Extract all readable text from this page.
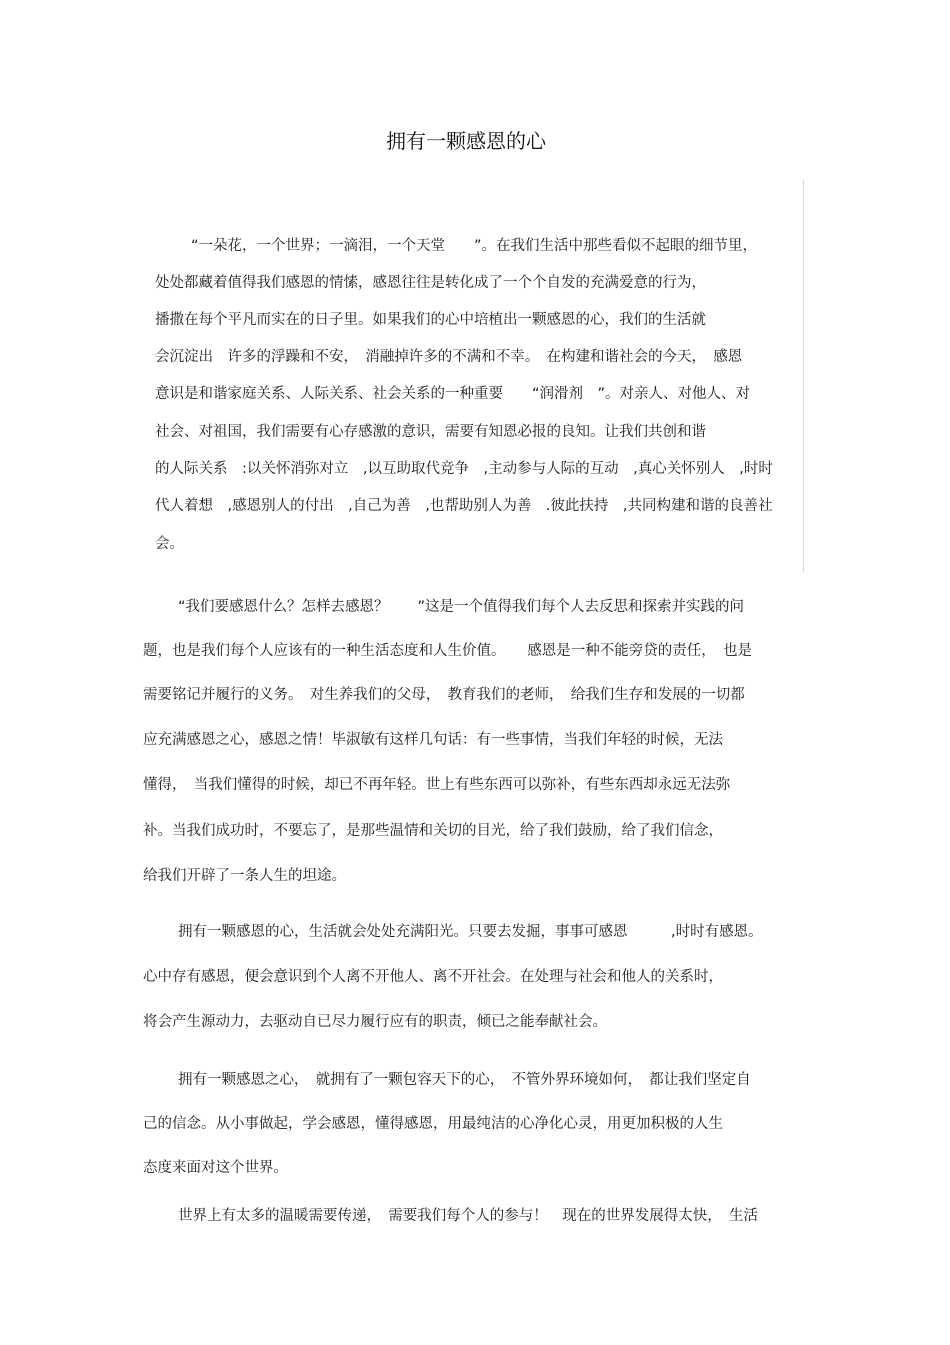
拥有一颗感恩的心
“一朵花，一个世界；一滴泪，一个天堂　　”。在我们生活中那些看似不起眼的细节里，
处处都藏着值得我们感恩的情愫，感恩往往是转化成了一个个自发的充满爱意的行为，
播撒在每个平凡而实在的日子里。如果我们的心中培植出一颗感恩的心，我们的生活就
会沉淀出　许多的浮躁和不安，　消融掉许多的不满和不幸。　在构建和谐社会的今天，　感恩
意识是和谐家庭关系、人际关系、社会关系的一种重要　　“润滑剂　”。对亲人、对他人、对
社会、对祖国，我们需要有心存感激的意识，需要有知恩必报的良知。让我们共创和谐
的人际关系　:以关怀消弥对立　,以互助取代竞争　,主动参与人际的互动　,真心关怀别人　,时时
代人着想　,感恩别人的付出　,自己为善　,也帮助别人为善　.彼此扶持　,共同构建和谐的良善社
会。
“我们要感恩什么？怎样去感恩？　　”这是一个值得我们每个人去反思和探索并实践的问
题，也是我们每个人应该有的一种生活态度和人生价值。　　感恩是一种不能旁贷的责任，　也是
需要铭记并履行的义务。　对生养我们的父母，　教育我们的老师，　给我们生存和发展的一切都
应充满感恩之心，感恩之情！毕淑敏有这样几句话：有一些事情，当我们年轻的时候，无法
懂得，　当我们懂得的时候，却已不再年轻。世上有些东西可以弥补，有些东西却永远无法弥
补。当我们成功时，不要忘了，是那些温情和关切的目光，给了我们鼓励，给了我们信念，
给我们开辟了一条人生的坦途。
拥有一颗感恩的心，生活就会处处充满阳光。只要去发掘，事事可感恩　　　,时时有感恩。
心中存有感恩，便会意识到个人离不开他人、离不开社会。在处理与社会和他人的关系时，
将会产生源动力，去驱动自已尽力履行应有的职责，倾已之能奉献社会。
拥有一颗感恩之心，　就拥有了一颗包容天下的心，　不管外界环境如何，　都让我们坚定自
己的信念。从小事做起，学会感恩，懂得感恩，用最纯洁的心净化心灵，用更加积极的人生
态度来面对这个世界。
世界上有太多的温暖需要传递，　需要我们每个人的参与！　现在的世界发展得太快，　生活
